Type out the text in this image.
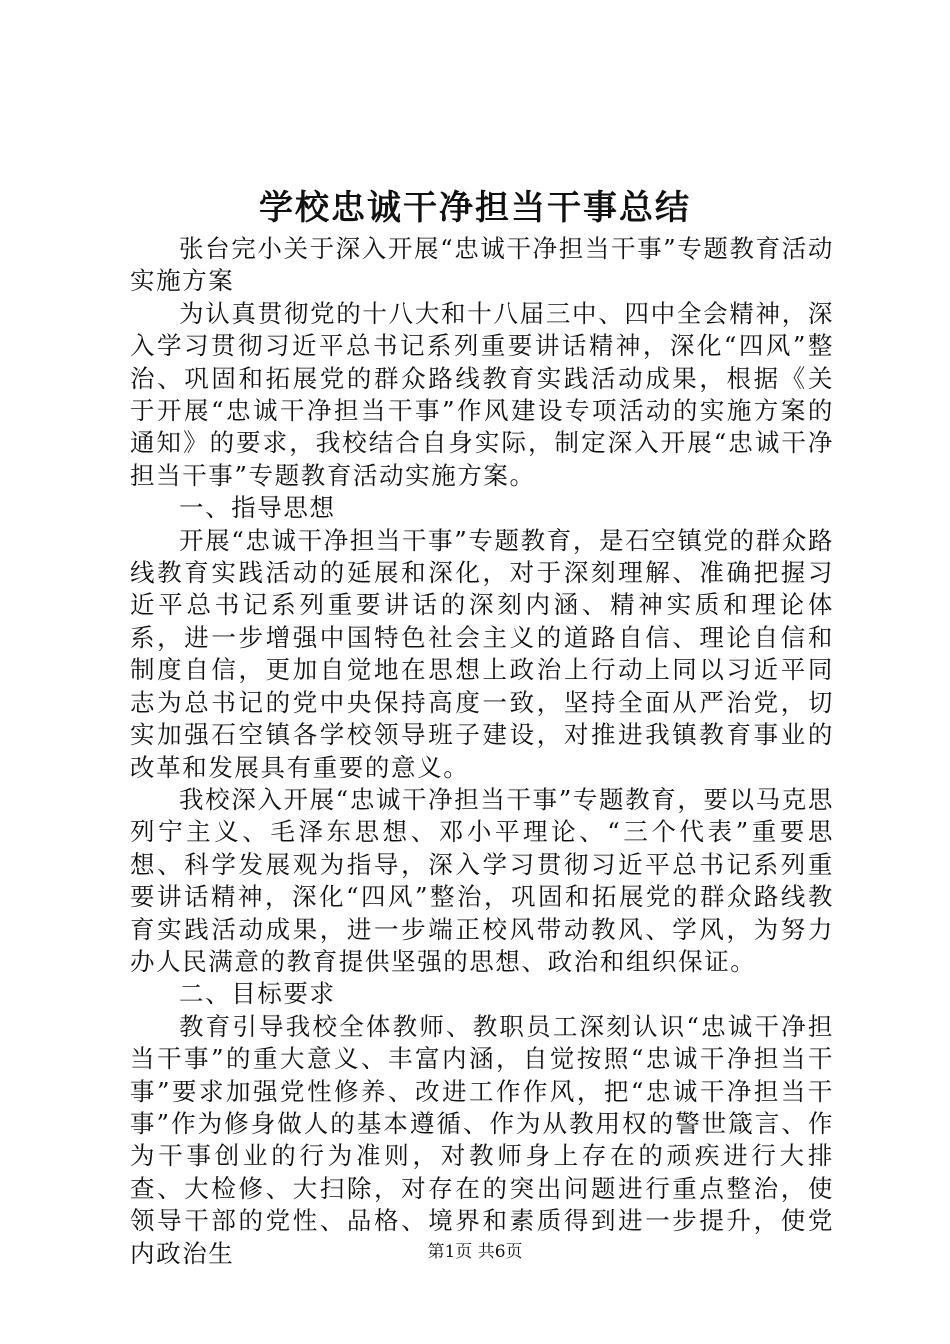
学校忠诚干净担当干事总结

张台完小关于深入开展“忠诚干净担当干事”专题教育活动实施方案

为认真贯彻党的十八大和十八届三中、四中全会精神，深入学习贯彻习近平总书记系列重要讲话精神，深化“四风”整治、巩固和拓展党的群众路线教育实践活动成果，根据《关于开展“忠诚干净担当干事”作风建设专项活动的实施方案的通知》的要求，我校结合自身实际，制定深入开展“忠诚干净担当干事”专题教育活动实施方案。

一、指导思想

开展“忠诚干净担当干事”专题教育，是石空镇党的群众路线教育实践活动的延展和深化，对于深刻理解、准确把握习近平总书记系列重要讲话的深刻内涵、精神实质和理论体系，进一步增强中国特色社会主义的道路自信、理论自信和制度自信，更加自觉地在思想上政治上行动上同以习近平同志为总书记的党中央保持高度一致，坚持全面从严治党，切实加强石空镇各学校领导班子建设，对推进我镇教育事业的改革和发展具有重要的意义。

我校深入开展“忠诚干净担当干事”专题教育，要以马克思列宁主义、毛泽东思想、邓小平理论、“三个代表”重要思想、科学发展观为指导，深入学习贯彻习近平总书记系列重要讲话精神，深化“四风”整治，巩固和拓展党的群众路线教育实践活动成果，进一步端正校风带动教风、学风，为努力办人民满意的教育提供坚强的思想、政治和组织保证。

二、目标要求

教育引导我校全体教师、教职员工深刻认识“忠诚干净担当干事”的重大意义、丰富内涵，自觉按照“忠诚干净担当干事”要求加强党性修养、改进工作作风，把“忠诚干净担当干事”作为修身做人的基本遵循、作为从教用权的警世箴言、作为干事创业的行为准则，对教师身上存在的顽疾进行大排查、大检修、大扫除，对存在的突出问题进行重点整治，使领导干部的党性、品格、境界和素质得到进一步提升，使党内政治生	第1页 共6页
